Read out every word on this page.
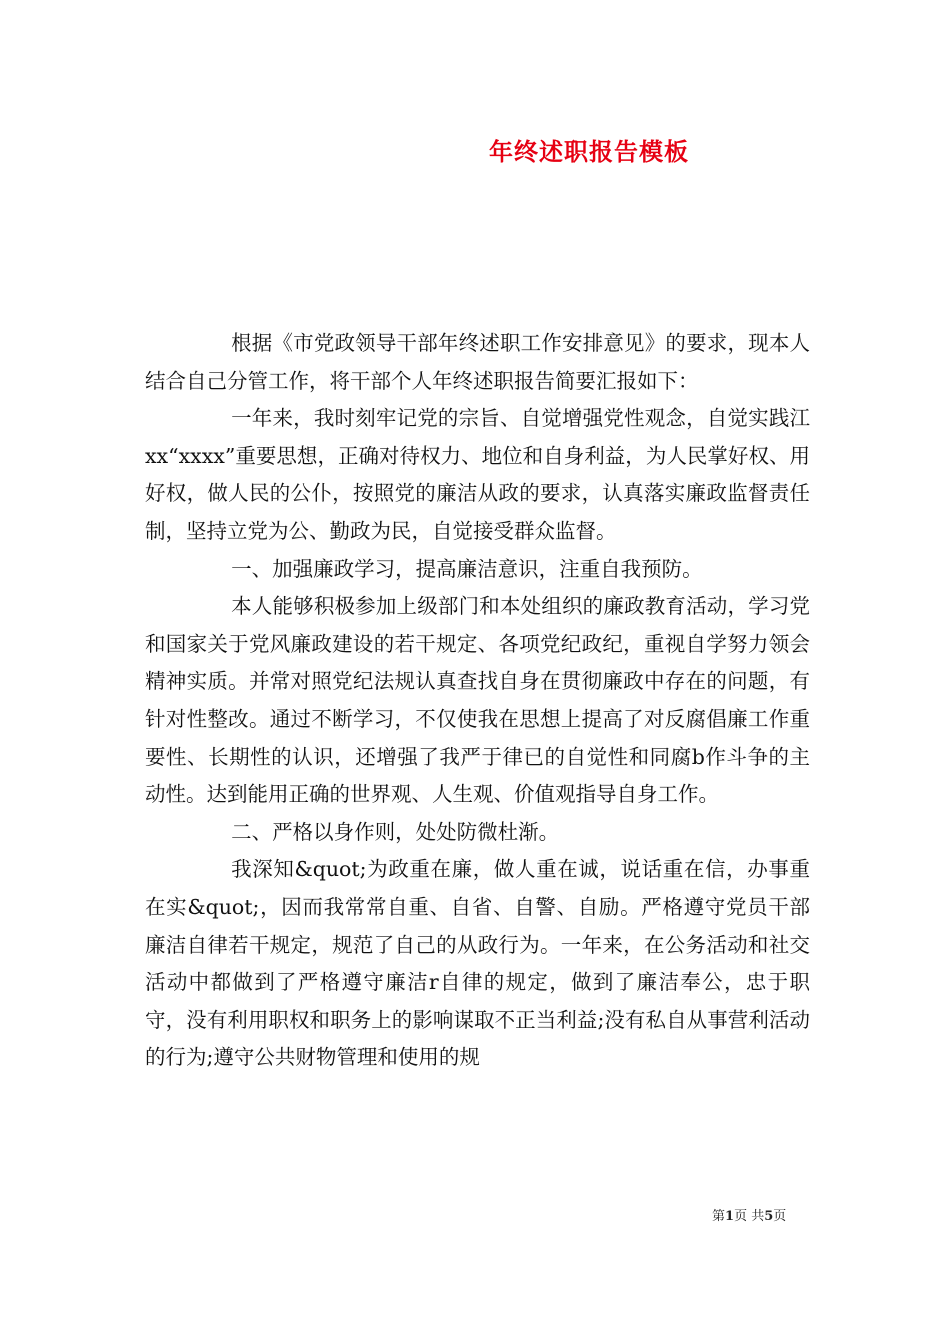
年终述职报告模板

根据《市党政领导干部年终述职工作安排意见》的要求，现本人结合自己分管工作，将干部个人年终述职报告简要汇报如下：

一年来，我时刻牢记党的宗旨、自觉增强党性观念，自觉实践江xx“xxxx”重要思想，正确对待权力、地位和自身利益，为人民掌好权、用好权，做人民的公仆，按照党的廉洁从政的要求，认真落实廉政监督责任制，坚持立党为公、勤政为民，自觉接受群众监督。

一、加强廉政学习，提高廉洁意识，注重自我预防。

本人能够积极参加上级部门和本处组织的廉政教育活动，学习党和国家关于党风廉政建设的若干规定、各项党纪政纪，重视自学努力领会精神实质。并常对照党纪法规认真查找自身在贯彻廉政中存在的问题，有针对性整改。通过不断学习，不仅使我在思想上提高了对反腐倡廉工作重要性、长期性的认识，还增强了我严于律已的自觉性和同腐b作斗争的主动性。达到能用正确的世界观、人生观、价值观指导自身工作。

二、严格以身作则，处处防微杜渐。

我深知&quot;为政重在廉，做人重在诚，说话重在信，办事重在实&quot;，因而我常常自重、自省、自警、自励。严格遵守党员干部廉洁自律若干规定，规范了自己的从政行为。一年来，在公务活动和社交活动中都做到了严格遵守廉洁r自律的规定，做到了廉洁奉公，忠于职守，没有利用职权和职务上的影响谋取不正当利益;没有私自从事营利活动的行为;遵守公共财物管理和使用的规

第1页 共5页
